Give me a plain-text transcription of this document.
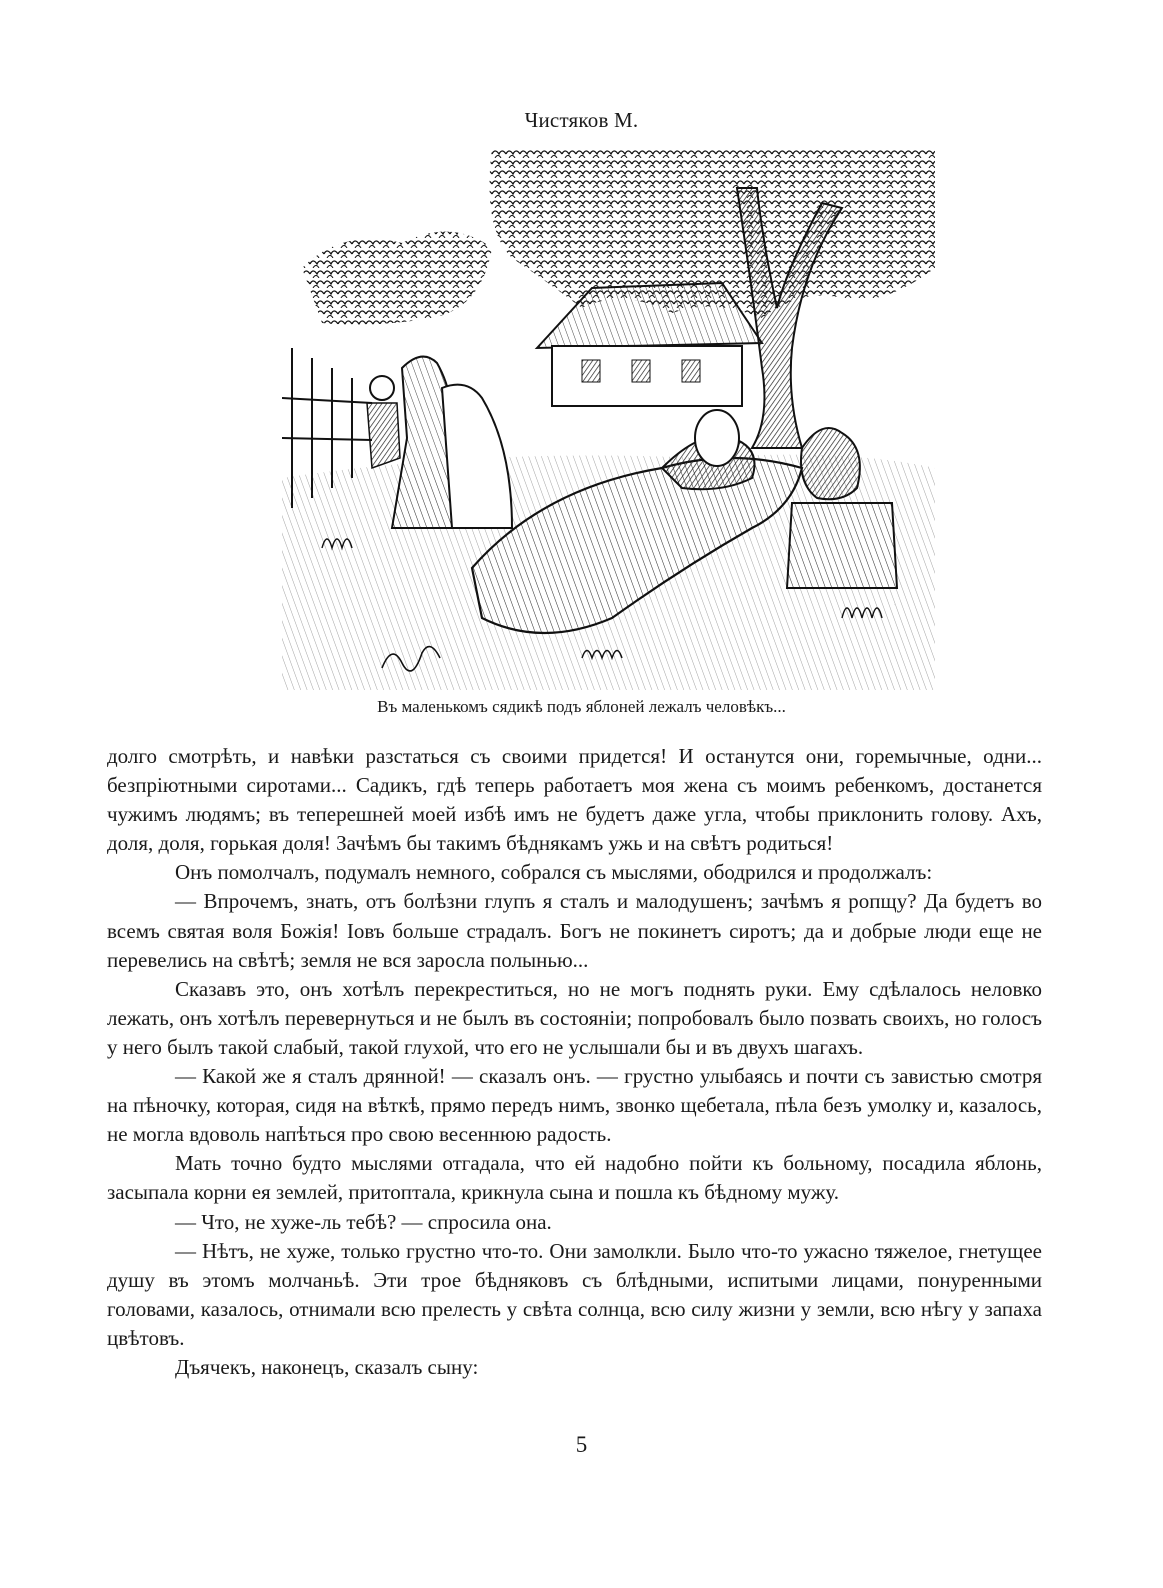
Чистяков М.
Въ маленькомъ сядикѣ подъ яблоней лежалъ человѣкъ...

долго смотрѣть, и навѣки разстаться съ своими придется! И останутся они, горемычные, одни... безпріютными сиротами... Садикъ, гдѣ теперь работаетъ моя жена съ моимъ ребенкомъ, достанется чужимъ людямъ; въ теперешней моей избѣ имъ не будетъ даже угла, чтобы приклонить голову. Ахъ, доля, доля, горькая доля! Зачѣмъ бы такимъ бѣднякамъ ужь и на свѣтъ родиться!

Онъ помолчалъ, подумалъ немного, собрался съ мыслями, ободрился и продолжалъ:

— Впрочемъ, знать, отъ болѣзни глупъ я сталъ и малодушенъ; зачѣмъ я ропщу? Да будетъ во всемъ святая воля Божія! Іовъ больше страдалъ. Богъ не покинетъ сиротъ; да и добрые люди еще не перевелись на свѣтѣ; земля не вся заросла полынью...

Сказавъ это, онъ хотѣлъ перекреститься, но не могъ поднять руки. Ему сдѣлалось неловко лежать, онъ хотѣлъ перевернуться и не былъ въ состояніи; попробовалъ было позвать своихъ, но голосъ у него былъ такой слабый, такой глухой, что его не услышали бы и въ двухъ шагахъ.

— Какой же я сталъ дрянной! — сказалъ онъ. — грустно улыбаясь и почти съ завистью смотря на пѣночку, которая, сидя на вѣткѣ, прямо передъ нимъ, звонко щебетала, пѣла безъ умолку и, казалось, не могла вдоволь напѣться про свою весеннюю радость.

Мать точно будто мыслями отгадала, что ей надобно пойти къ больному, посадила яблонь, засыпала корни ея землей, притоптала, крикнула сына и пошла къ бѣдному мужу.

— Что, не хуже-ль тебѣ? — спросила она.

— Нѣтъ, не хуже, только грустно что-то. Они замолкли. Было что-то ужасно тяжелое, гнетущее душу въ этомъ молчаньѣ. Эти трое бѣдняковъ съ блѣдными, испитыми лицами, понуренными головами, казалось, отнимали всю прелесть у свѣта солнца, всю силу жизни у земли, всю нѣгу у запаха цвѣтовъ.

Дъячекъ, наконецъ, сказалъ сыну:

5
